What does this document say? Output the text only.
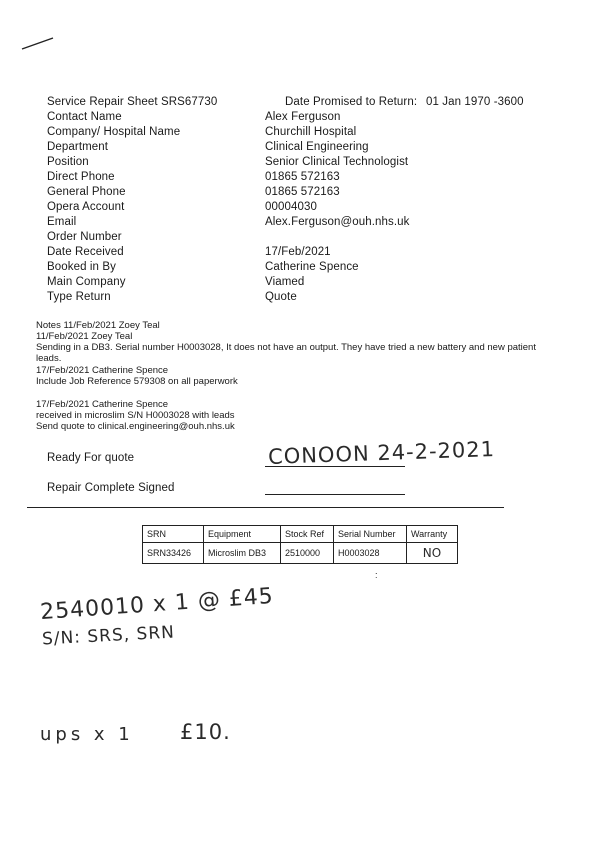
Service Repair Sheet SRS67730	Date Promised to Return: 01 Jan 1970 -3600
Contact Name	Alex Ferguson
Company/ Hospital Name	Churchill Hospital
Department	Clinical Engineering
Position	Senior Clinical Technologist
Direct Phone	01865 572163
General Phone	01865 572163
Opera Account	00004030
Email	Alex.Ferguson@ouh.nhs.uk
Order Number
Date Received	17/Feb/2021
Booked in By	Catherine Spence
Main Company	Viamed
Type Return	Quote
Notes 11/Feb/2021 Zoey Teal
11/Feb/2021 Zoey Teal
Sending in a DB3. Serial number H0003028, It does not have an output. They have tried a new battery and new patient
leads.
17/Feb/2021 Catherine Spence
Include Job Reference 579308 on all paperwork
17/Feb/2021 Catherine Spence
received in microslim S/N H0003028 with leads
Send quote to clinical.engineering@ouh.nhs.uk
Ready For quote	CONOON 24-2-2021
Repair Complete Signed
SRN	Equipment	Stock Ref	Serial Number	Warranty
SRN33426	Microslim DB3	2510000	H0003028	NO
:
2540010 x 1 @ £45
S/N: SRS, SRN
ups x 1 £10.
